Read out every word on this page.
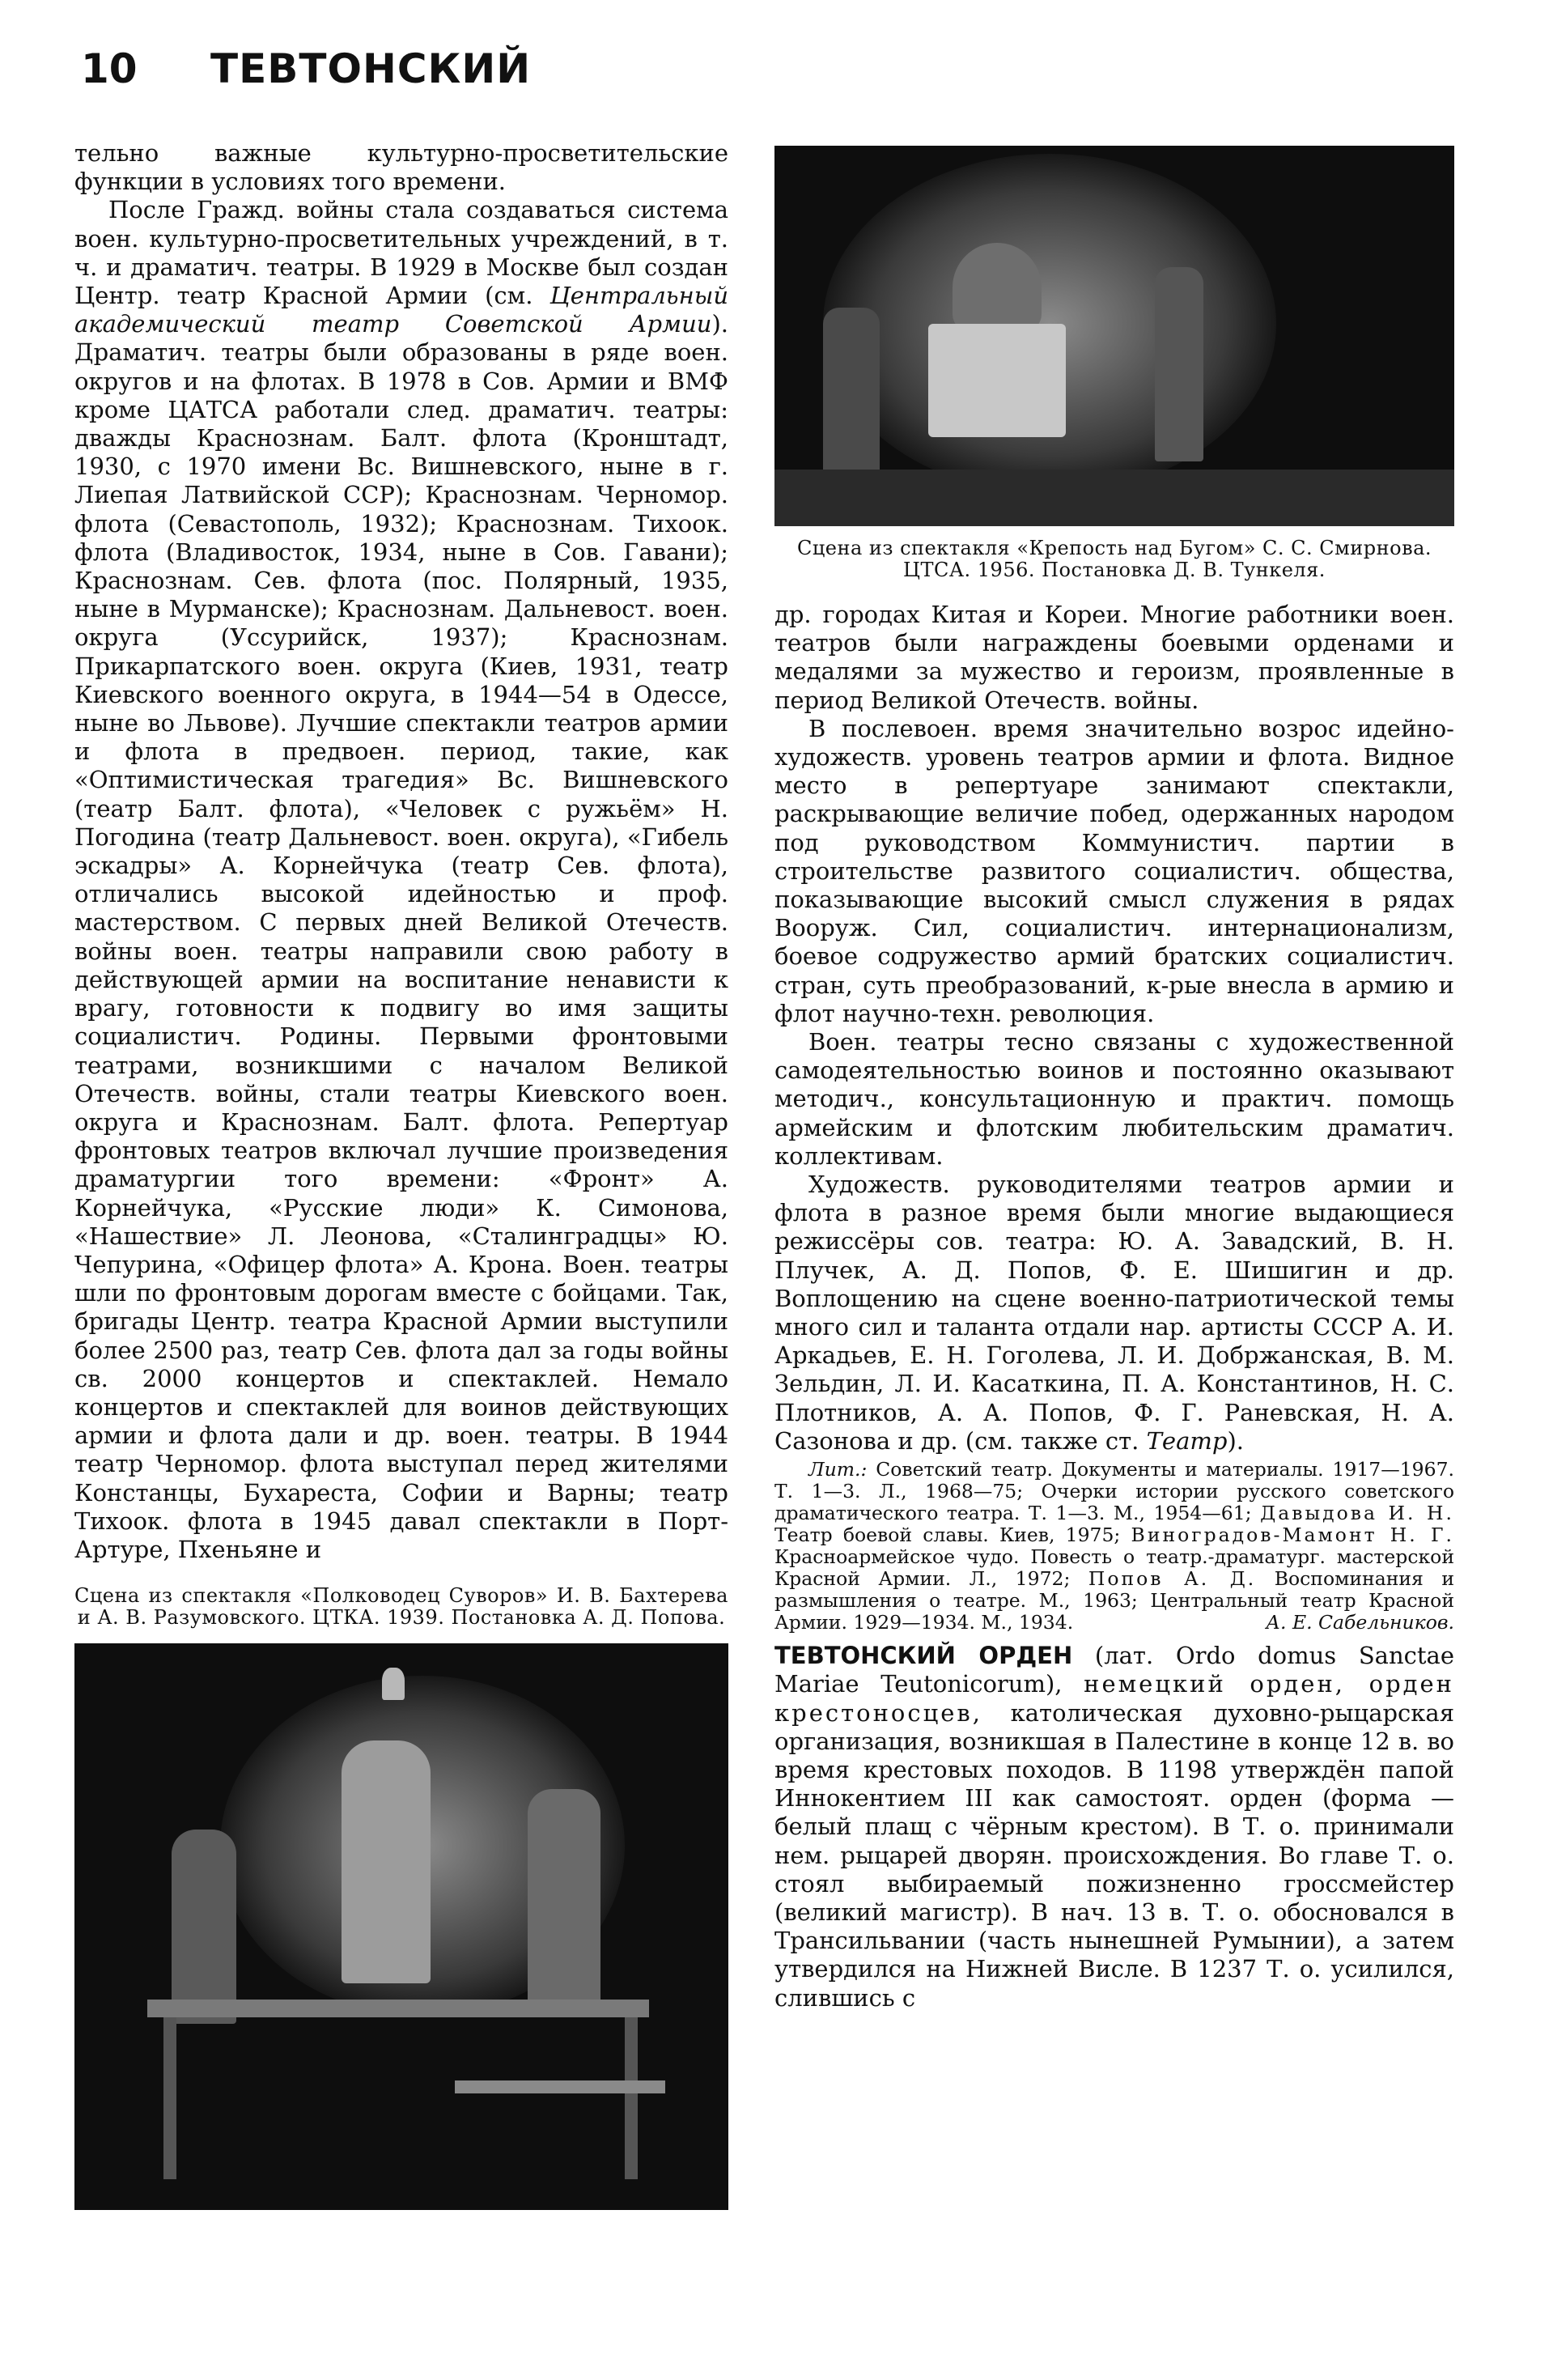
10 ТЕВТОНСКИЙ

тельно важные культурно-просветительские функции в условиях того времени.

После Гражд. войны стала создаваться система воен. культурно-просветительных учреждений, в т. ч. и драматич. театры. В 1929 в Москве был создан Центр. театр Красной Армии (см. Центральный академический театр Советской Армии). Драматич. театры были образованы в ряде воен. округов и на флотах. В 1978 в Сов. Армии и ВМФ кроме ЦАТСА работали след. драматич. театры: дважды Краснознам. Балт. флота (Кронштадт, 1930, с 1970 имени Вс. Вишневского, ныне в г. Лиепая Латвийской ССР); Краснознам. Черномор. флота (Севастополь, 1932); Краснознам. Тихоок. флота (Владивосток, 1934, ныне в Сов. Гавани); Краснознам. Сев. флота (пос. Полярный, 1935, ныне в Мурманске); Краснознам. Дальневост. воен. округа (Уссурийск, 1937); Краснознам. Прикарпатского воен. округа (Киев, 1931, театр Киевского военного округа, в 1944—54 в Одессе, ныне во Львове). Лучшие спектакли театров армии и флота в предвоен. период, такие, как «Оптимистическая трагедия» Вс. Вишневского (театр Балт. флота), «Человек с ружьём» Н. Погодина (театр Дальневост. воен. округа), «Гибель эскадры» А. Корнейчука (театр Сев. флота), отличались высокой идейностью и проф. мастерством. С первых дней Великой Отечеств. войны воен. театры направили свою работу в действующей армии на воспитание ненависти к врагу, готовности к подвигу во имя защиты социалистич. Родины. Первыми фронтовыми театрами, возникшими с началом Великой Отечеств. войны, стали театры Киевского воен. округа и Краснознам. Балт. флота. Репертуар фронтовых театров включал лучшие произведения драматургии того времени: «Фронт» А. Корнейчука, «Русские люди» К. Симонова, «Нашествие» Л. Леонова, «Сталинградцы» Ю. Чепурина, «Офицер флота» А. Крона. Воен. театры шли по фронтовым дорогам вместе с бойцами. Так, бригады Центр. театра Красной Армии выступили более 2500 раз, театр Сев. флота дал за годы войны св. 2000 концертов и спектаклей. Немало концертов и спектаклей для воинов действующих армии и флота дали и др. воен. театры. В 1944 театр Черномор. флота выступал перед жителями Констанцы, Бухареста, Софии и Варны; театр Тихоок. флота в 1945 давал спектакли в Порт-Артуре, Пхеньяне и

Сцена из спектакля «Полководец Суворов» И. В. Бахтерева и А. В. Разумовского. ЦТКА. 1939. Постановка А. Д. Попова.

Сцена из спектакля «Крепость над Бугом» С. С. Смирнова. ЦТСА. 1956. Постановка Д. В. Тункеля.

др. городах Китая и Кореи. Многие работники воен. театров были награждены боевыми орденами и медалями за мужество и героизм, проявленные в период Великой Отечеств. войны.

В послевоен. время значительно возрос идейно-художеств. уровень театров армии и флота. Видное место в репертуаре занимают спектакли, раскрывающие величие побед, одержанных народом под руководством Коммунистич. партии в строительстве развитого социалистич. общества, показывающие высокий смысл служения в рядах Вооруж. Сил, социалистич. интернационализм, боевое содружество армий братских социалистич. стран, суть преобразований, к-рые внесла в армию и флот научно-техн. революция.

Воен. театры тесно связаны с художественной самодеятельностью воинов и постоянно оказывают методич., консультационную и практич. помощь армейским и флотским любительским драматич. коллективам.

Художеств. руководителями театров армии и флота в разное время были многие выдающиеся режиссёры сов. театра: Ю. А. Завадский, В. Н. Плучек, А. Д. Попов, Ф. Е. Шишигин и др. Воплощению на сцене военно-патриотической темы много сил и таланта отдали нар. артисты СССР А. И. Аркадьев, Е. Н. Гоголева, Л. И. Добржанская, В. М. Зельдин, Л. И. Касаткина, П. А. Константинов, Н. С. Плотников, А. А. Попов, Ф. Г. Раневская, Н. А. Сазонова и др. (см. также ст. Театр).

Лит.: Советский театр. Документы и материалы. 1917—1967. Т. 1—3. Л., 1968—75; Очерки истории русского советского драматического театра. Т. 1—3. М., 1954—61; Давыдова И. Н. Театр боевой славы. Киев, 1975; Виноградов-Мамонт Н. Г. Красноармейское чудо. Повесть о театр.-драматург. мастерской Красной Армии. Л., 1972; Попов А. Д. Воспоминания и размышления о театре. М., 1963; Центральный театр Красной Армии. 1929—1934. М., 1934.	А. Е. Сабельников.

ТЕВТОНСКИЙ ОРДЕН (лат. Ordo domus Sanctae Mariae Teutonicorum), немецкий орден, орден крестоносцев, католическая духовно-рыцарская организация, возникшая в Палестине в конце 12 в. во время крестовых походов. В 1198 утверждён папой Иннокентием III как самостоят. орден (форма — белый плащ с чёрным крестом). В Т. о. принимали нем. рыцарей дворян. происхождения. Во главе Т. о. стоял выбираемый пожизненно гроссмейстер (великий магистр). В нач. 13 в. Т. о. обосновался в Трансильвании (часть нынешней Румынии), а затем утвердился на Нижней Висле. В 1237 Т. о. усилился, слившись с
